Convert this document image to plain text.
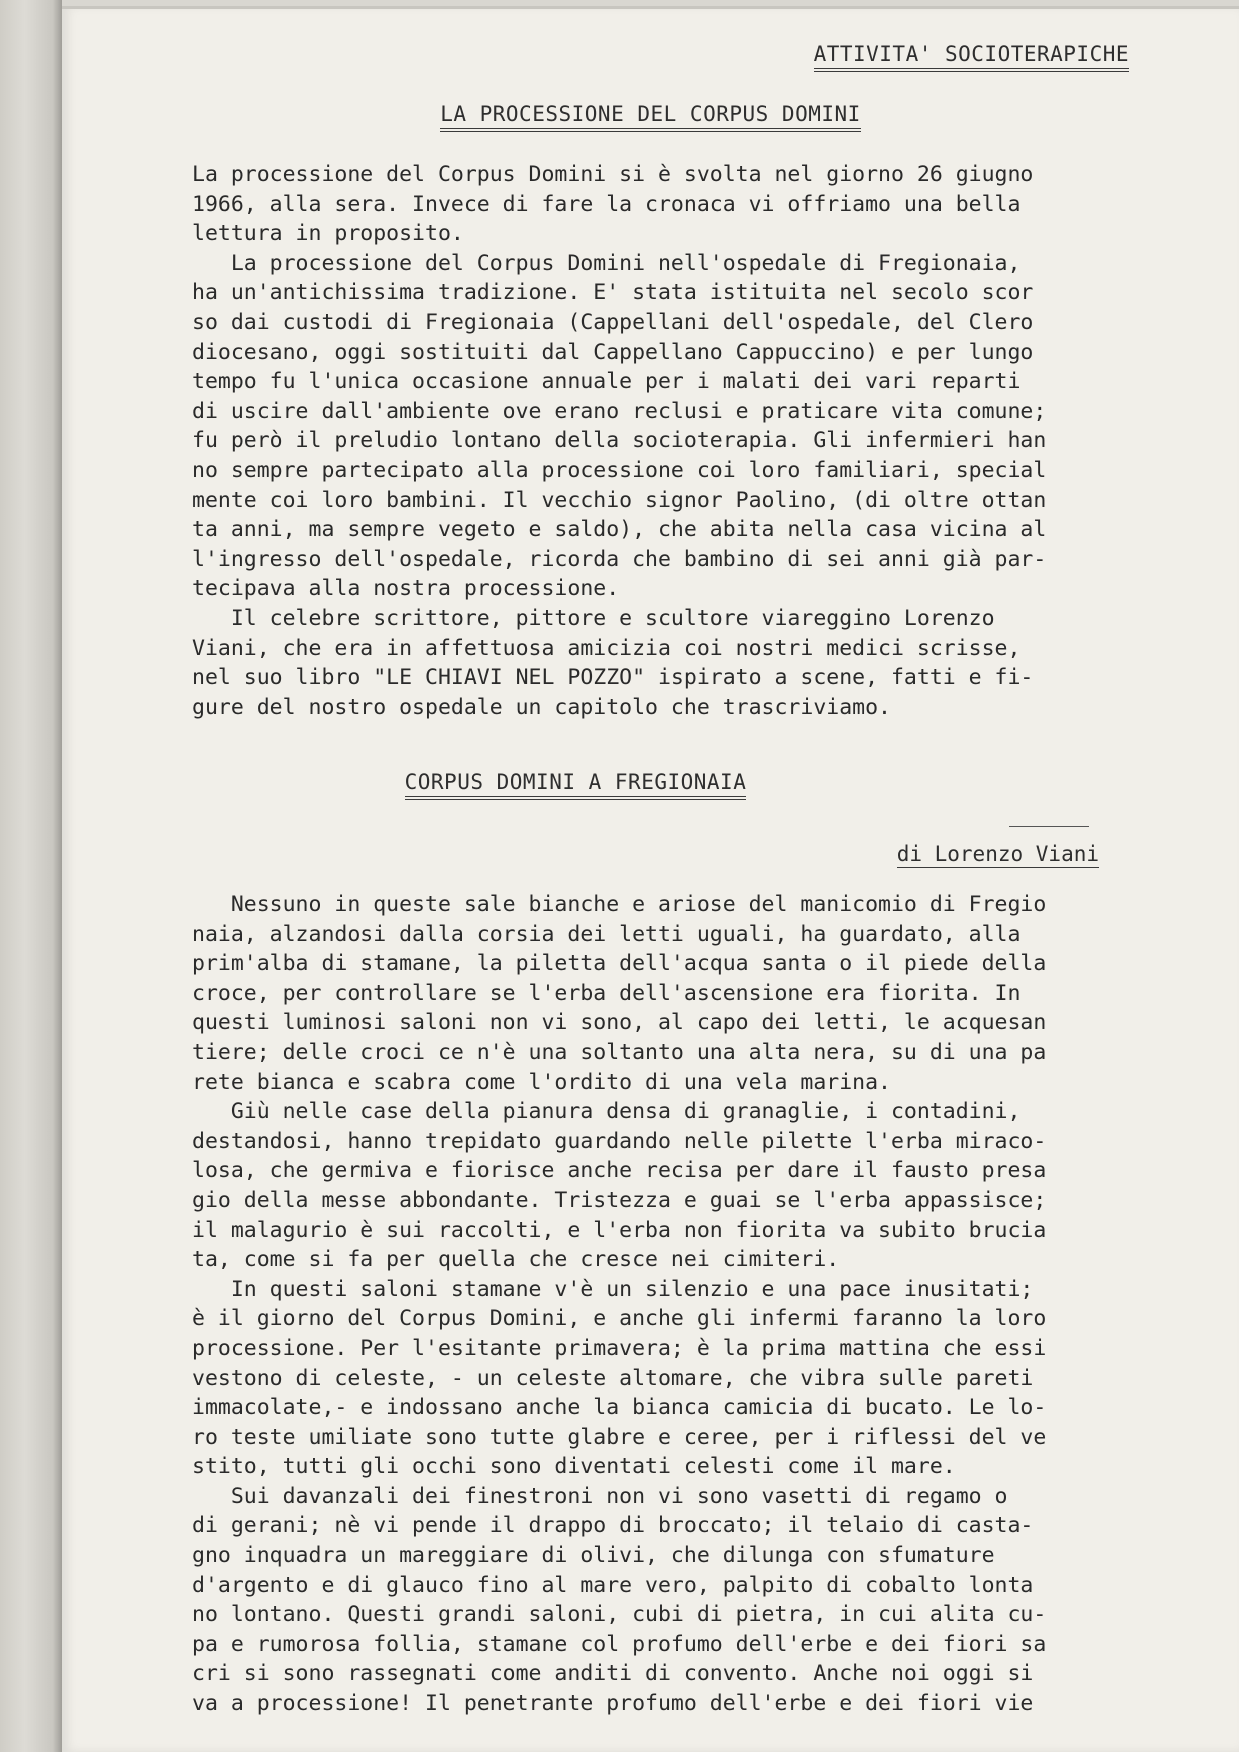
ATTIVITA' SOCIOTERAPICHE
LA PROCESSIONE DEL CORPUS DOMINI
La processione del Corpus Domini si è svolta nel giorno 26 giugno
1966, alla sera. Invece di fare la cronaca vi offriamo una bella
lettura in proposito.
La processione del Corpus Domini nell'ospedale di Fregionaia,
ha un'antichissima tradizione. E' stata istituita nel secolo scor
so dai custodi di Fregionaia (Cappellani dell'ospedale, del Clero
diocesano, oggi sostituiti dal Cappellano Cappuccino) e per lungo
tempo fu l'unica occasione annuale per i malati dei vari reparti
di uscire dall'ambiente ove erano reclusi e praticare vita comune;
fu però il preludio lontano della socioterapia. Gli infermieri han
no sempre partecipato alla processione coi loro familiari, special
mente coi loro bambini. Il vecchio signor Paolino, (di oltre ottan
ta anni, ma sempre vegeto e saldo), che abita nella casa vicina al
l'ingresso dell'ospedale, ricorda che bambino di sei anni già par-
tecipava alla nostra processione.
Il celebre scrittore, pittore e scultore viareggino Lorenzo
Viani, che era in affettuosa amicizia coi nostri medici scrisse,
nel suo libro "LE CHIAVI NEL POZZO" ispirato a scene, fatti e fi-
gure del nostro ospedale un capitolo che trascriviamo.
CORPUS DOMINI A FREGIONAIA
di Lorenzo Viani
Nessuno in queste sale bianche e ariose del manicomio di Fregio
naia, alzandosi dalla corsia dei letti uguali, ha guardato, alla
prim'alba di stamane, la piletta dell'acqua santa o il piede della
croce, per controllare se l'erba dell'ascensione era fiorita. In
questi luminosi saloni non vi sono, al capo dei letti, le acquesan
tiere; delle croci ce n'è una soltanto una alta nera, su di una pa
rete bianca e scabra come l'ordito di una vela marina.
Giù nelle case della pianura densa di granaglie, i contadini,
destandosi, hanno trepidato guardando nelle pilette l'erba miraco-
losa, che germiva e fiorisce anche recisa per dare il fausto presa
gio della messe abbondante. Tristezza e guai se l'erba appassisce;
il malagurio è sui raccolti, e l'erba non fiorita va subito brucia
ta, come si fa per quella che cresce nei cimiteri.
In questi saloni stamane v'è un silenzio e una pace inusitati;
è il giorno del Corpus Domini, e anche gli infermi faranno la loro
processione. Per l'esitante primavera; è la prima mattina che essi
vestono di celeste, - un celeste altomare, che vibra sulle pareti
immacolate,- e indossano anche la bianca camicia di bucato. Le lo-
ro teste umiliate sono tutte glabre e ceree, per i riflessi del ve
stito, tutti gli occhi sono diventati celesti come il mare.
Sui davanzali dei finestroni non vi sono vasetti di regamo o
di gerani; nè vi pende il drappo di broccato; il telaio di casta-
gno inquadra un mareggiare di olivi, che dilunga con sfumature
d'argento e di glauco fino al mare vero, palpito di cobalto lonta
no lontano. Questi grandi saloni, cubi di pietra, in cui alita cu-
pa e rumorosa follia, stamane col profumo dell'erbe e dei fiori sa
cri si sono rassegnati come anditi di convento. Anche noi oggi si
va a processione! Il penetrante profumo dell'erbe e dei fiori vie
